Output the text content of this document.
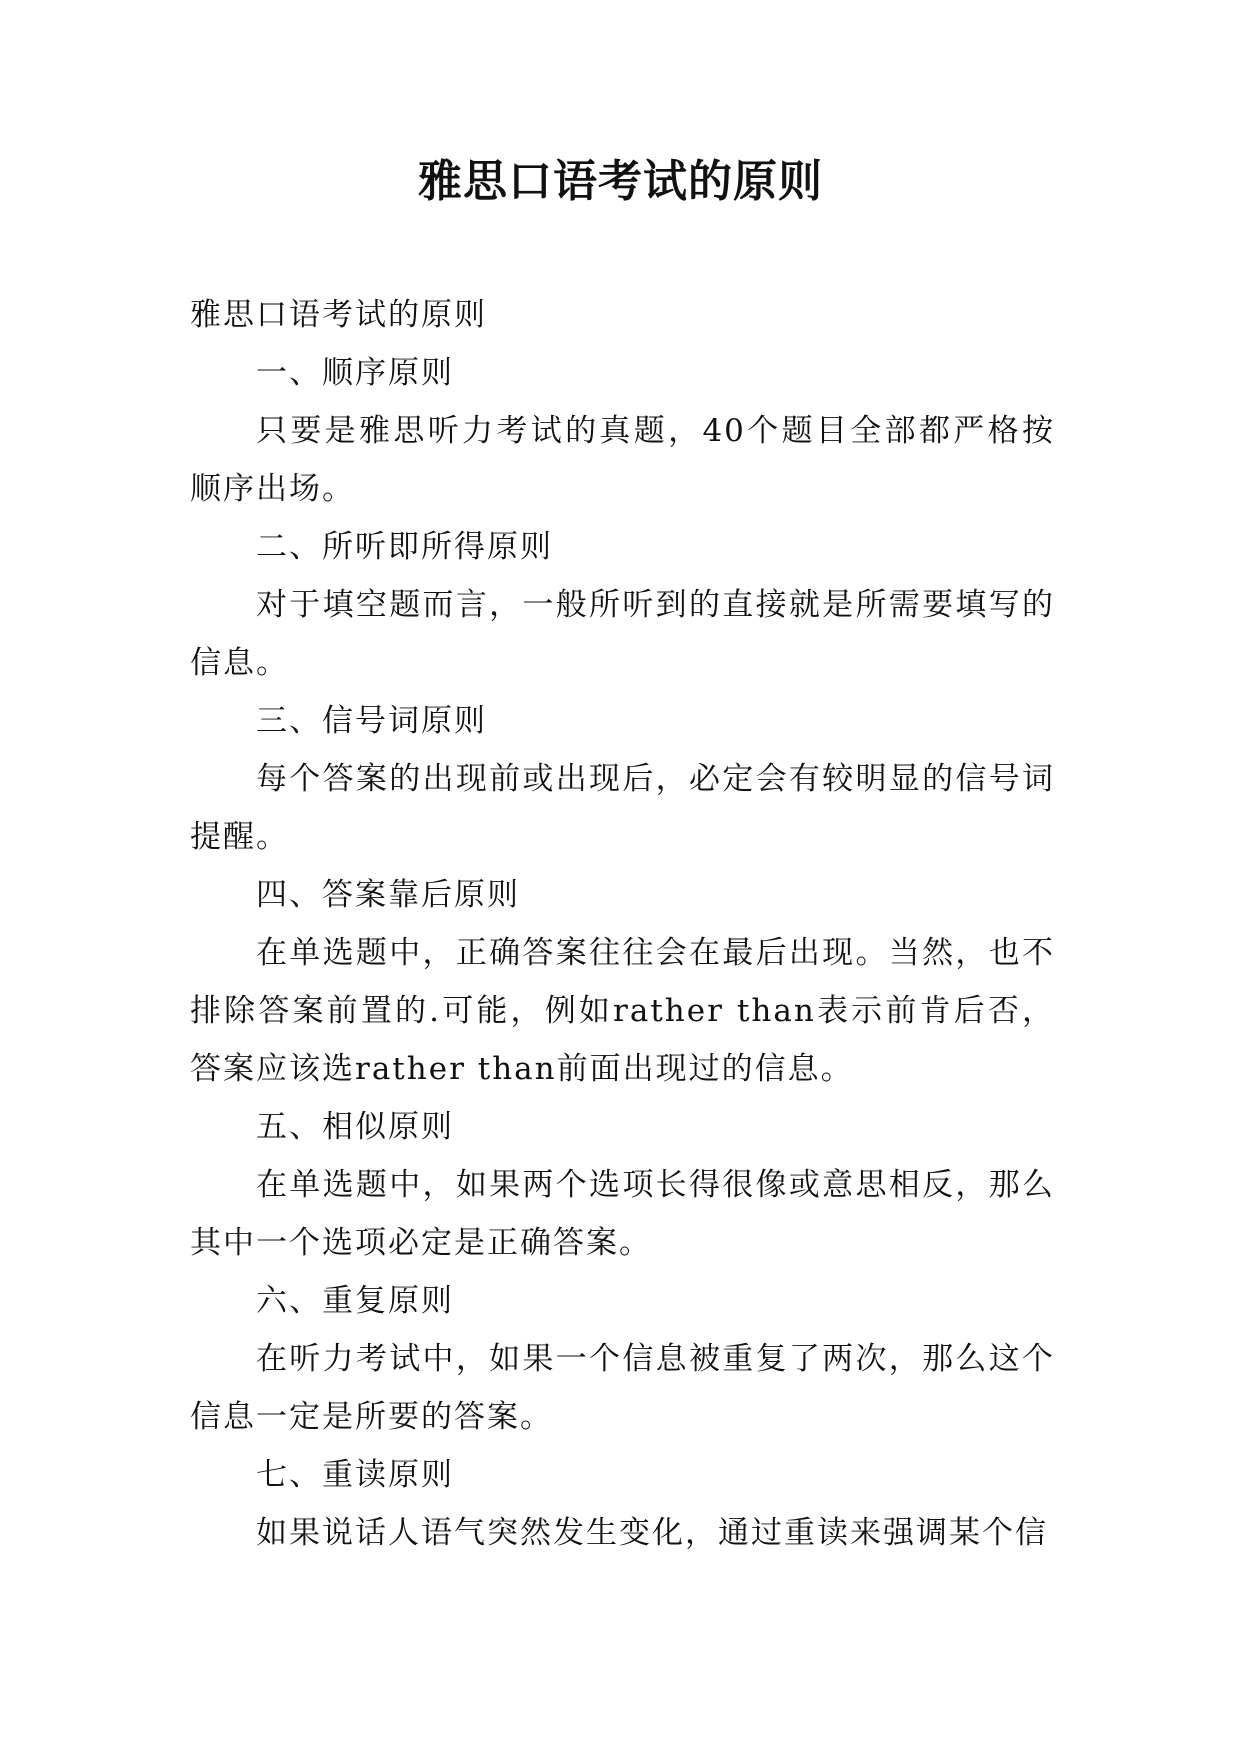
雅思口语考试的原则

雅思口语考试的原则

一、顺序原则

只要是雅思听力考试的真题，40个题目全部都严格按顺序出场。

二、所听即所得原则

对于填空题而言，一般所听到的直接就是所需要填写的信息。

三、信号词原则

每个答案的出现前或出现后，必定会有较明显的信号词提醒。

四、答案靠后原则

在单选题中，正确答案往往会在最后出现。当然，也不排除答案前置的.可能，例如rather than表示前肯后否，答案应该选rather than前面出现过的信息。

五、相似原则

在单选题中，如果两个选项长得很像或意思相反，那么其中一个选项必定是正确答案。

六、重复原则

在听力考试中，如果一个信息被重复了两次，那么这个信息一定是所要的答案。

七、重读原则

如果说话人语气突然发生变化，通过重读来强调某个信
